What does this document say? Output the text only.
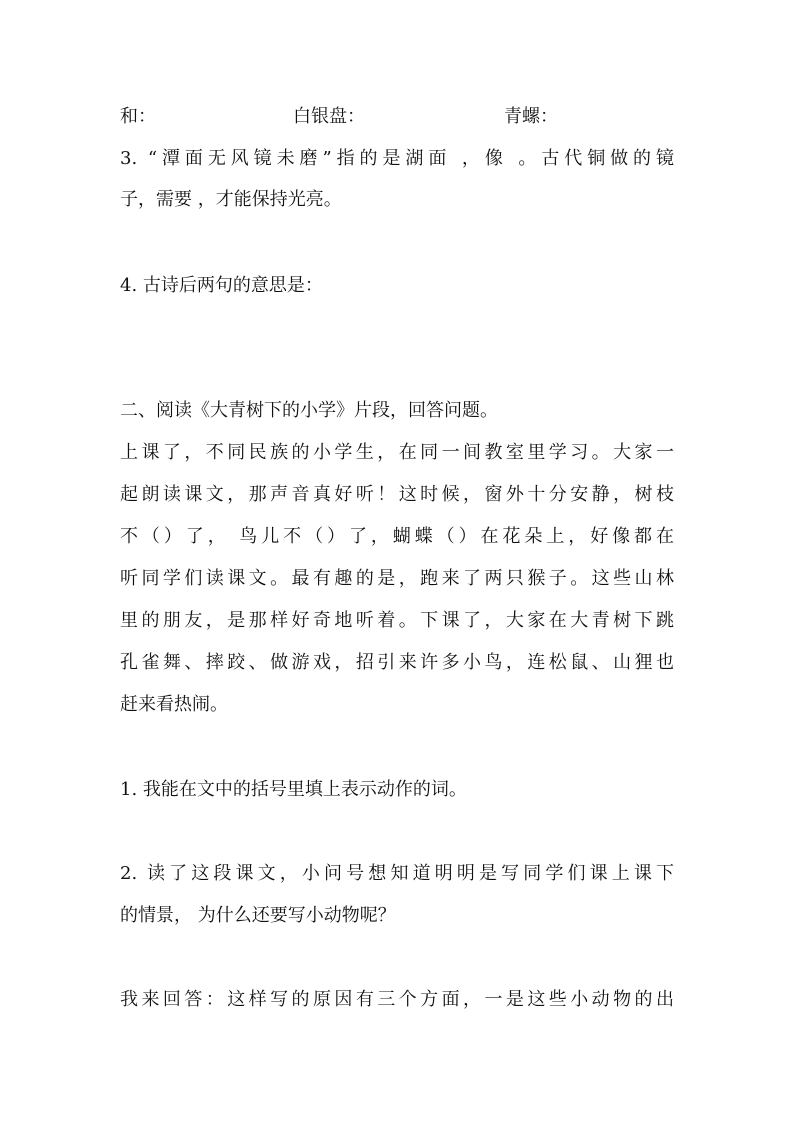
和：	白银盘：	青螺：
3. “潭面无风镜未磨”指的是湖面 ，像 。古代铜做的镜
子，需要 ，才能保持光亮。
4. 古诗后两句的意思是：
二、阅读《大青树下的小学》片段，回答问题。
上课了，不同民族的小学生，在同一间教室里学习。大家一
起朗读课文，那声音真好听！这时候，窗外十分安静，树枝
不（）了， 鸟儿不（）了，蝴蝶（）在花朵上，好像都在
听同学们读课文。最有趣的是，跑来了两只猴子。这些山林
里的朋友，是那样好奇地听着。下课了，大家在大青树下跳
孔雀舞、摔跤、做游戏，招引来许多小鸟，连松鼠、山狸也
赶来看热闹。
1. 我能在文中的括号里填上表示动作的词。
2. 读了这段课文，小问号想知道明明是写同学们课上课下
的情景， 为什么还要写小动物呢？
我来回答：这样写的原因有三个方面，一是这些小动物的出
